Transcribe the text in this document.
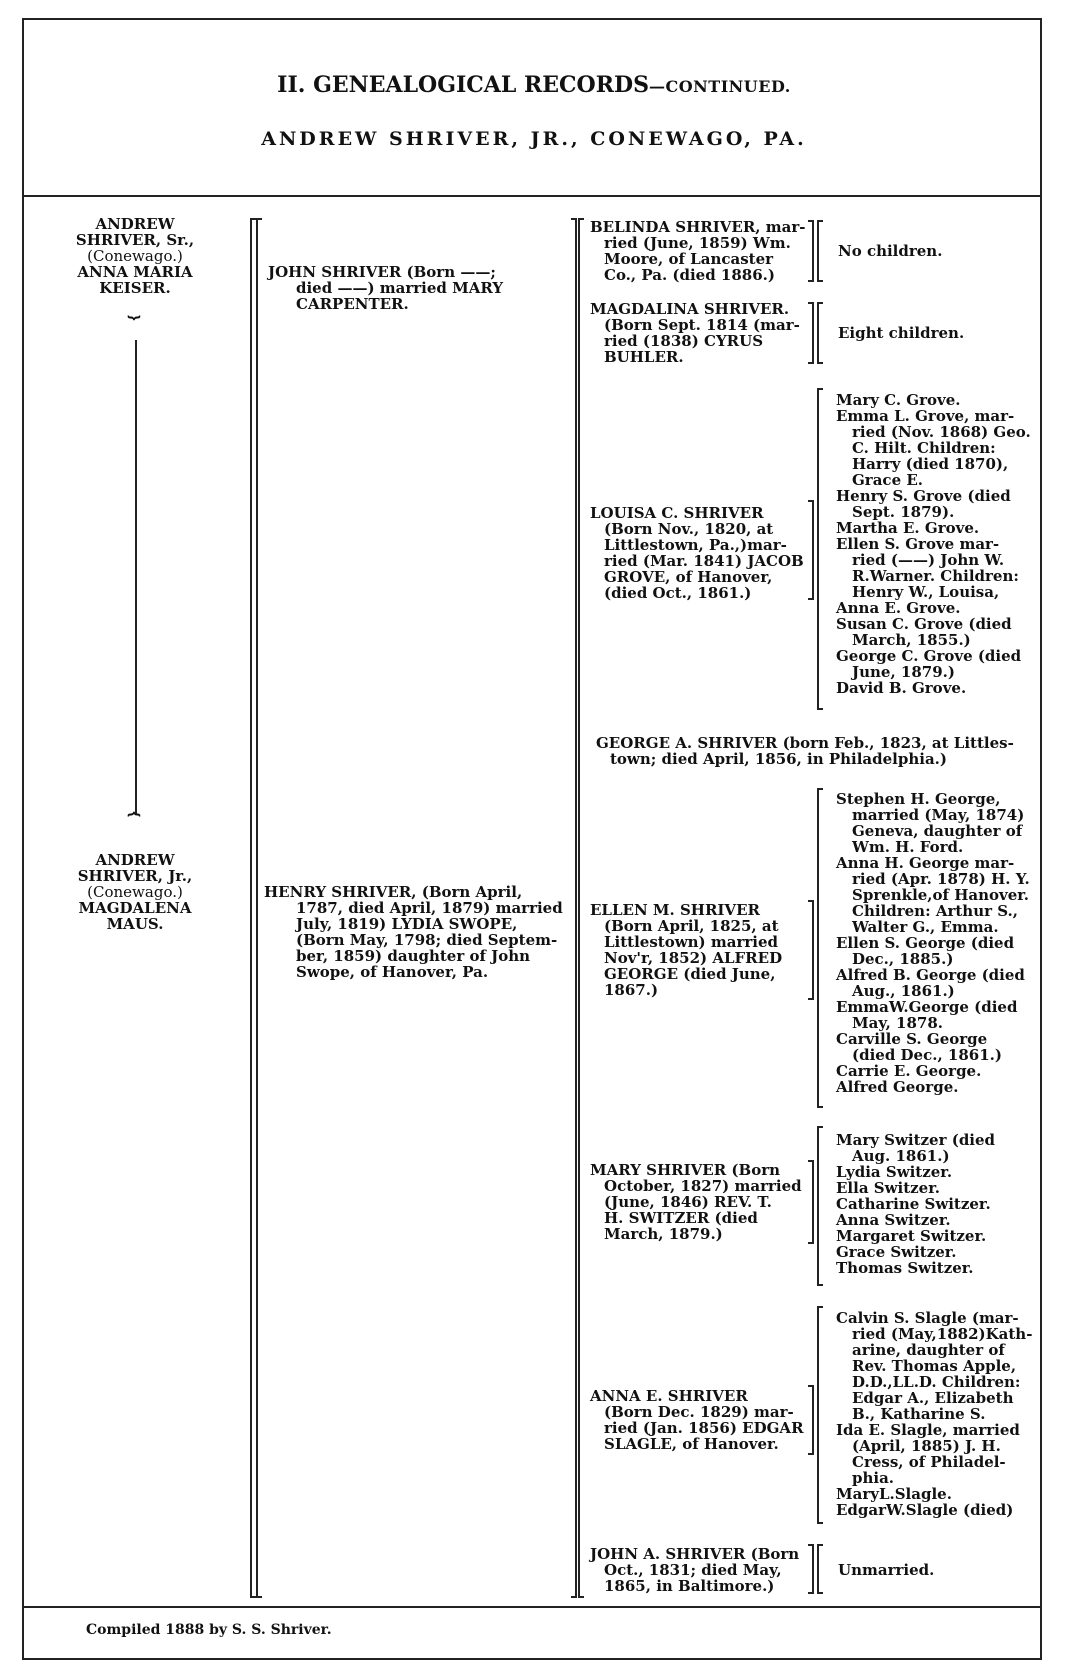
II. GENEALOGICAL RECORDS—CONTINUED.
ANDREW SHRIVER, JR., CONEWAGO, PA.

ANDREW

SHRIVER, Sr.,

(Conewago.)

ANNA MARIA

KEISER.

⏟
⏞

ANDREW

SHRIVER, Jr.,

(Conewago.)

MAGDALENA

MAUS.

JOHN SHRIVER (Born ——;

died ——) married MARY

CARPENTER.

HENRY SHRIVER, (Born April,

1787, died April, 1879) married

July, 1819) LYDIA SWOPE,

(Born May, 1798; died Septem-

ber, 1859) daughter of John

Swope, of Hanover, Pa.

BELINDA SHRIVER, mar-

ried (June, 1859) Wm.

Moore, of Lancaster

Co., Pa. (died 1886.)

No children.

MAGDALINA SHRIVER.

(Born Sept. 1814 (mar-

ried (1838) CYRUS

BUHLER.

Eight children.

LOUISA C. SHRIVER

(Born Nov., 1820, at

Littlestown, Pa.,)mar-

ried (Mar. 1841) JACOB

GROVE, of Hanover,

(died Oct., 1861.)

Mary C. Grove.

Emma L. Grove, mar-

ried (Nov. 1868) Geo.

C. Hilt. Children:

Harry (died 1870),

Grace E.

Henry S. Grove (died

Sept. 1879).

Martha E. Grove.

Ellen S. Grove mar-

ried (——) John W.

R.Warner. Children:

Henry W., Louisa,

Anna E. Grove.

Susan C. Grove (died

March, 1855.)

George C. Grove (died

June, 1879.)

David B. Grove.

GEORGE A. SHRIVER (born Feb., 1823, at Littles-

town; died April, 1856, in Philadelphia.)

ELLEN M. SHRIVER

(Born April, 1825, at

Littlestown) married

Nov'r, 1852) ALFRED

GEORGE (died June,

1867.)

Stephen H. George,

married (May, 1874)

Geneva, daughter of

Wm. H. Ford.

Anna H. George mar-

ried (Apr. 1878) H. Y.

Sprenkle,of Hanover.

Children: Arthur S.,

Walter G., Emma.

Ellen S. George (died

Dec., 1885.)

Alfred B. George (died

Aug., 1861.)

EmmaW.George (died

May, 1878.

Carville S. George

(died Dec., 1861.)

Carrie E. George.

Alfred George.

MARY SHRIVER (Born

October, 1827) married

(June, 1846) REV. T.

H. SWITZER (died

March, 1879.)

Mary Switzer (died

Aug. 1861.)

Lydia Switzer.

Ella Switzer.

Catharine Switzer.

Anna Switzer.

Margaret Switzer.

Grace Switzer.

Thomas Switzer.

ANNA E. SHRIVER

(Born Dec. 1829) mar-

ried (Jan. 1856) EDGAR

SLAGLE, of Hanover.

Calvin S. Slagle (mar-

ried (May,1882)Kath-

arine, daughter of

Rev. Thomas Apple,

D.D.,LL.D. Children:

Edgar A., Elizabeth

B., Katharine S.

Ida E. Slagle, married

(April, 1885) J. H.

Cress, of Philadel-

phia.

MaryL.Slagle.

EdgarW.Slagle (died)

JOHN A. SHRIVER (Born

Oct., 1831; died May,

1865, in Baltimore.)

Unmarried.

Compiled 1888 by S. S. Shriver.
